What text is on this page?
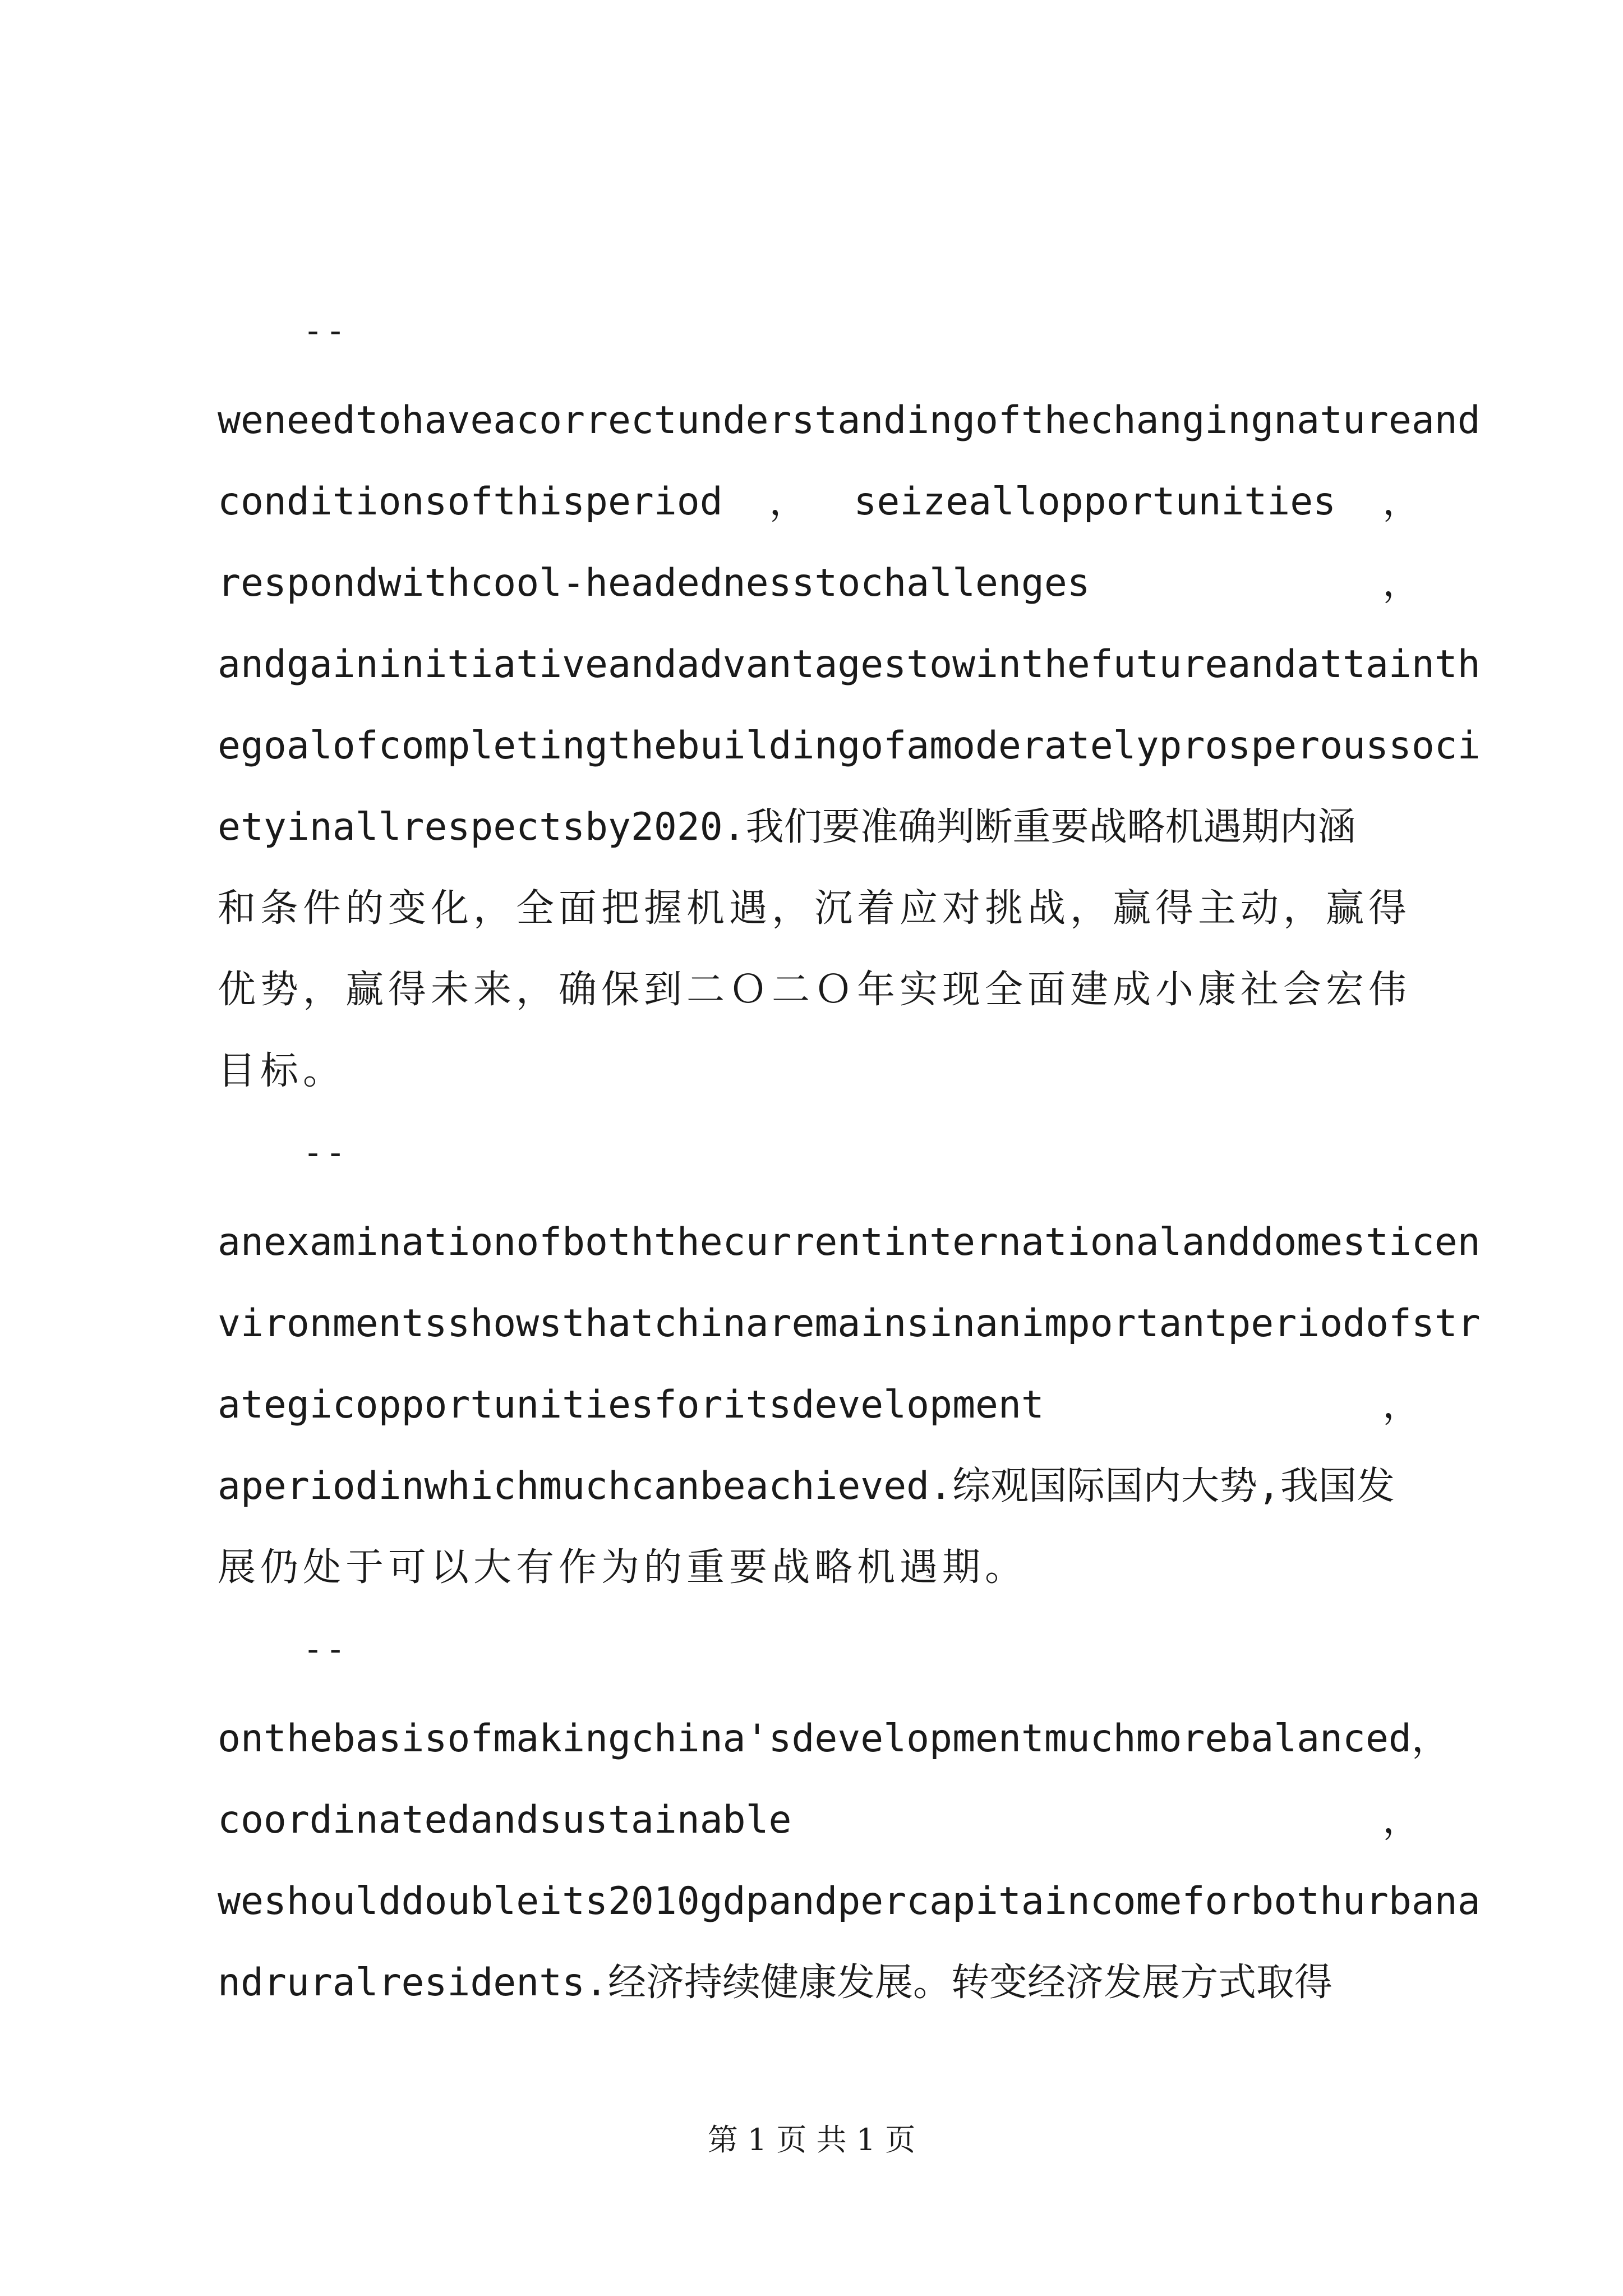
--
weneedtohaveacorrectunderstandingofthechangingnatureand
conditionsofthisperiod ， seizeallopportunities ，
respondwithcool-headednesstochallenges	，
andgaininitiativeandadvantagestowinthefutureandattainth
egoalofcompletingthebuildingofamoderatelyprosperoussoci
etyinallrespectsby2020.我们要准确判断重要战略机遇期内涵
和条件的变化，全面把握机遇，沉着应对挑战，赢得主动，赢得
优势，赢得未来，确保到二Ｏ二Ｏ年实现全面建成小康社会宏伟
目标。
--
anexaminationofboththecurrentinternationalanddomesticen
vironmentsshowsthatchinaremainsinanimportantperiodofstr
ategicopportunitiesforitsdevelopment	，
aperiodinwhichmuchcanbeachieved.综观国际国内大势,我国发
展仍处于可以大有作为的重要战略机遇期。
--
onthebasisofmakingchina'sdevelopmentmuchmorebalanced ，
coordinatedandsustainable	，
weshoulddoubleits2010gdpandpercapitaincomeforbothurbana
ndruralresidents.经济持续健康发展。转变经济发展方式取得
第 1 页 共 1 页
